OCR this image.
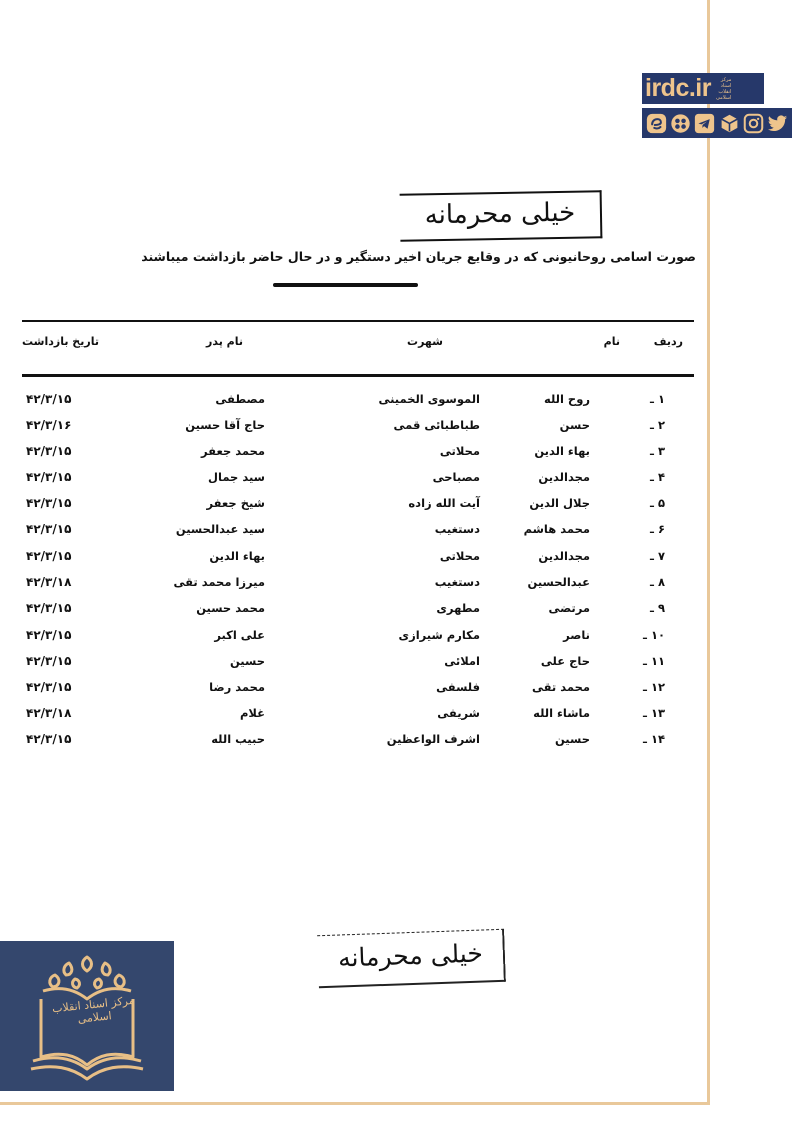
irdc.ir	مرکز
اسناد
انقلاب
اسلامی
خیلی محرمانه
صورت اسامی روحانیونی که در وقایع جریان اخیر دستگیر و در حال حاضر بازداشت میباشند
ردیف
نام
شهرت
نام پدر
تاریخ بازداشت
۱ ـ
روح الله
الموسوی الخمینی
مصطفی
۴۲/۳/۱۵
۲ ـ
حسن
طباطبائی قمی
حاج آقا حسین
۴۲/۳/۱۶
۳ ـ
بهاء الدین
محلاتی
محمد جعفر
۴۲/۳/۱۵
۴ ـ
مجدالدین
مصباحی
سید جمال
۴۲/۳/۱۵
۵ ـ
جلال الدین
آیت الله زاده
شیخ جعفر
۴۲/۳/۱۵
۶ ـ
محمد هاشم
دستغیب
سید عبدالحسین
۴۲/۳/۱۵
۷ ـ
مجدالدین
محلاتی
بهاء الدین
۴۲/۳/۱۵
۸ ـ
عبدالحسین
دستغیب
میرزا محمد تقی
۴۲/۳/۱۸
۹ ـ
مرتضی
مطهری
محمد حسین
۴۲/۳/۱۵
۱۰ ـ
ناصر
مکارم شیرازی
علی اکبر
۴۲/۳/۱۵
۱۱ ـ
حاج علی
املائی
حسین
۴۲/۳/۱۵
۱۲ ـ
محمد تقی
فلسفی
محمد رضا
۴۲/۳/۱۵
۱۳ ـ
ماشاء الله
شریفی
غلام
۴۲/۳/۱۸
۱۴ ـ
حسین
اشرف الواعظین
حبیب الله
۴۲/۳/۱۵
خیلی محرمانه
مرکز اسناد انقلاب اسلامی
